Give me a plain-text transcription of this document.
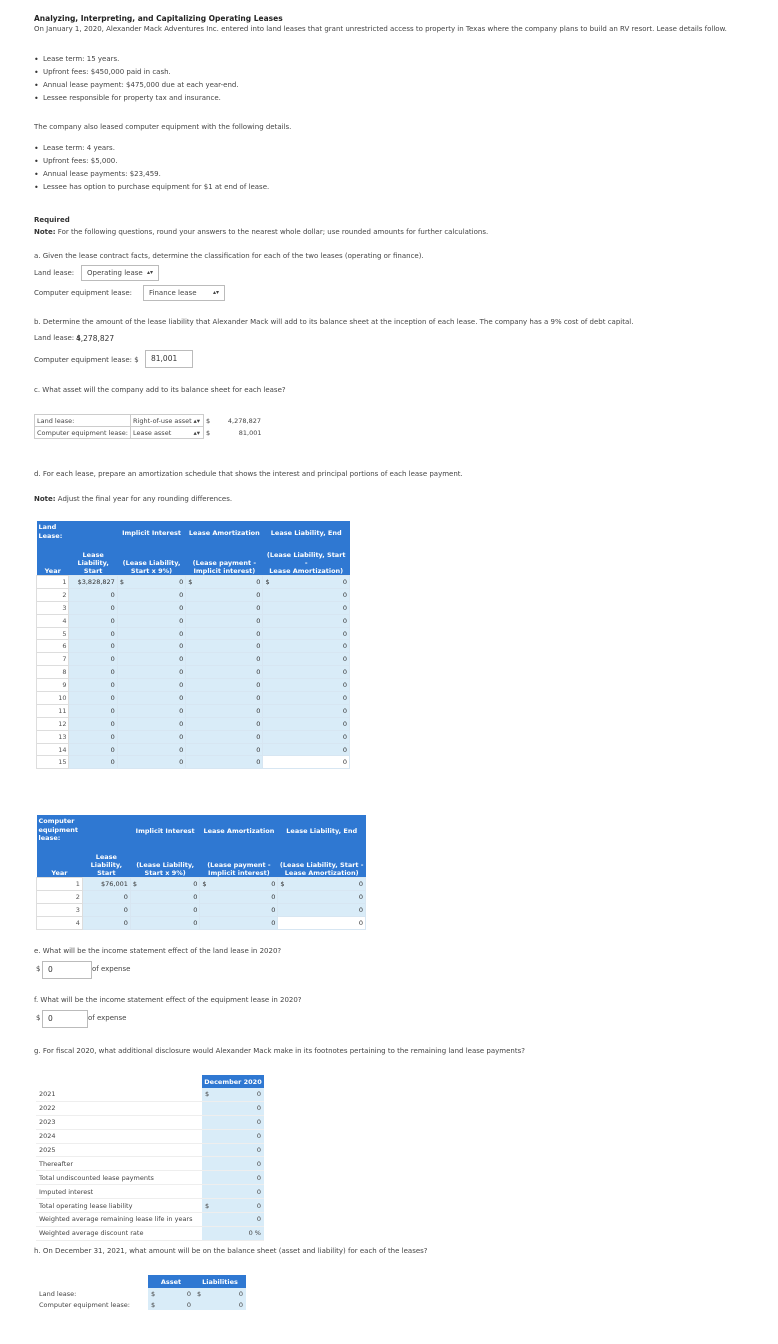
Analyzing, Interpreting, and Capitalizing Operating Leases
On January 1, 2020, Alexander Mack Adventures Inc. entered into land leases that grant unrestricted access to property in Texas where the company plans to build an RV resort. Lease details follow.
• Lease term: 15 years.
• Upfront fees: $450,000 paid in cash.
• Annual lease payment: $475,000 due at each year-end.
• Lessee responsible for property tax and insurance.
The company also leased computer equipment with the following details.
• Lease term: 4 years.
• Upfront fees: $5,000.
• Annual lease payments: $23,459.
• Lessee has option to purchase equipment for $1 at end of lease.
Required
Note: For the following questions, round your answers to the nearest whole dollar; use rounded amounts for further calculations.
a. Given the lease contract facts, determine the classification for each of the two leases (operating or finance).
Land lease:	Operating lease ▴▾
Computer equipment lease:	Finance lease	▴▾
b. Determine the amount of the lease liability that Alexander Mack will add to its balance sheet at the inception of each lease. The company has a 9% cost of debt capital.
Land lease: $
4,278,827
Computer equipment lease: $	81,001
c. What asset will the company add to its balance sheet for each lease?
Land lease:	Right-of-use asset ▴▾	$ 4,278,827

Computer equipment lease:	Lease asset ▴▾	$ 81,001
d. For each lease, prepare an amortization schedule that shows the interest and principal portions of each lease payment.
Note: Adjust the final year for any rounding differences.
Land
Lease:		Implicit Interest	Lease Amortization	Lease Liability, End
Year	Lease
Liability,
Start	(Lease Liability,
Start x 9%)	(Lease payment -
Implicit interest)	(Lease Liability, Start -
Lease Amortization)
1	$3,828,827	$ 0	$ 0	$ 0
2	0	0	0	0
3	0	0	0	0
4	0	0	0	0
5	0	0	0	0
6	0	0	0	0
7	0	0	0	0
8	0	0	0	0
9	0	0	0	0
10	0	0	0	0
11	0	0	0	0
12	0	0	0	0
13	0	0	0	0
14	0	0	0	0
15	0	0	0	0
Computer
equipment
lease:		Implicit Interest	Lease Amortization	Lease Liability, End
Year	Lease
Liability,
Start	(Lease Liability,
Start x 9%)	(Lease payment -
Implicit interest)	(Lease Liability, Start -
Lease Amortization)
1	$76,001	$ 0	$ 0	$ 0
2	0	0	0	0
3	0	0	0	0
4	0	0	0	0
e. What will be the income statement effect of the land lease in 2020?
$	0	of expense
f. What will be the income statement effect of the equipment lease in 2020?
$	0	of expense
g. For fiscal 2020, what additional disclosure would Alexander Mack make in its footnotes pertaining to the remaining land lease payments?
	December 2020
2021	$ 0
2022	0
2023	0
2024	0
2025	0
Thereafter	0
Total undiscounted lease payments	0
Imputed interest	0
Total operating lease liability	$ 0
Weighted average remaining lease life in years	0
Weighted average discount rate	0 %
h. On December 31, 2021, what amount will be on the balance sheet (asset and liability) for each of the leases?
	Asset	Liabilities
Land lease:	$ 0	$ 0
Computer equipment lease:	$ 0	0
